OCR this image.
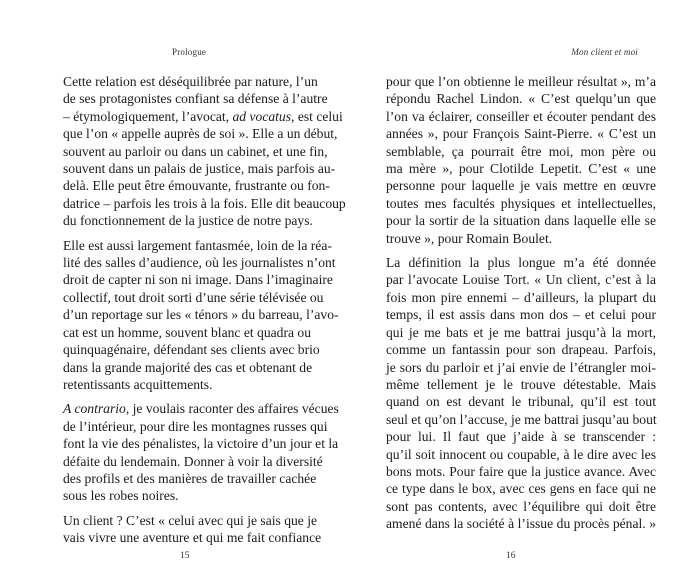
Prologue
Cette relation est déséquilibrée par nature, l’un
de ses protagonistes confiant sa défense à l’autre
– étymologiquement, l’avocat, ad vocatus, est celui
que l’on « appelle auprès de soi ». Elle a un début,
souvent au parloir ou dans un cabinet, et une fin,
souvent dans un palais de justice, mais parfois au-
delà. Elle peut être émouvante, frustrante ou fon-
datrice – parfois les trois à la fois. Elle dit beaucoup
du fonctionnement de la justice de notre pays.
Elle est aussi largement fantasmée, loin de la réa-
lité des salles d’audience, où les journalistes n’ont
droit de capter ni son ni image. Dans l’imaginaire
collectif, tout droit sorti d’une série télévisée ou
d’un reportage sur les « ténors » du barreau, l’avo-
cat est un homme, souvent blanc et quadra ou
quinquagénaire, défendant ses clients avec brio
dans la grande majorité des cas et obtenant de
retentissants acquittements.
A contrario, je voulais raconter des affaires vécues
de l’intérieur, pour dire les montagnes russes qui
font la vie des pénalistes, la victoire d’un jour et la
défaite du lendemain. Donner à voir la diversité
des profils et des manières de travailler cachée
sous les robes noires.
Un client ? C’est « celui avec qui je sais que je
vais vivre une aventure et qui me fait confiance
15
Mon client et moi
pour que l’on obtienne le meilleur résultat », m’a
répondu Rachel Lindon. « C’est quelqu’un que
l’on va éclairer, conseiller et écouter pendant des
années », pour François Saint-Pierre. « C’est un
semblable, ça pourrait être moi, mon père ou
ma mère », pour Clotilde Lepetit. C’est « une
personne pour laquelle je vais mettre en œuvre
toutes mes facultés physiques et intellectuelles,
pour la sortir de la situation dans laquelle elle se
trouve », pour Romain Boulet.
La définition la plus longue m’a été donnée
par l’avocate Louise Tort. « Un client, c’est à la
fois mon pire ennemi – d’ailleurs, la plupart du
temps, il est assis dans mon dos – et celui pour
qui je me bats et je me battrai jusqu’à la mort,
comme un fantassin pour son drapeau. Parfois,
je sors du parloir et j’ai envie de l’étrangler moi-
même tellement je le trouve détestable. Mais
quand on est devant le tribunal, qu’il est tout
seul et qu’on l’accuse, je me battrai jusqu’au bout
pour lui. Il faut que j’aide à se transcender :
qu’il soit innocent ou coupable, à le dire avec les
bons mots. Pour faire que la justice avance. Avec
ce type dans le box, avec ces gens en face qui ne
sont pas contents, avec l’équilibre qui doit être
amené dans la société à l’issue du procès pénal. »
16
